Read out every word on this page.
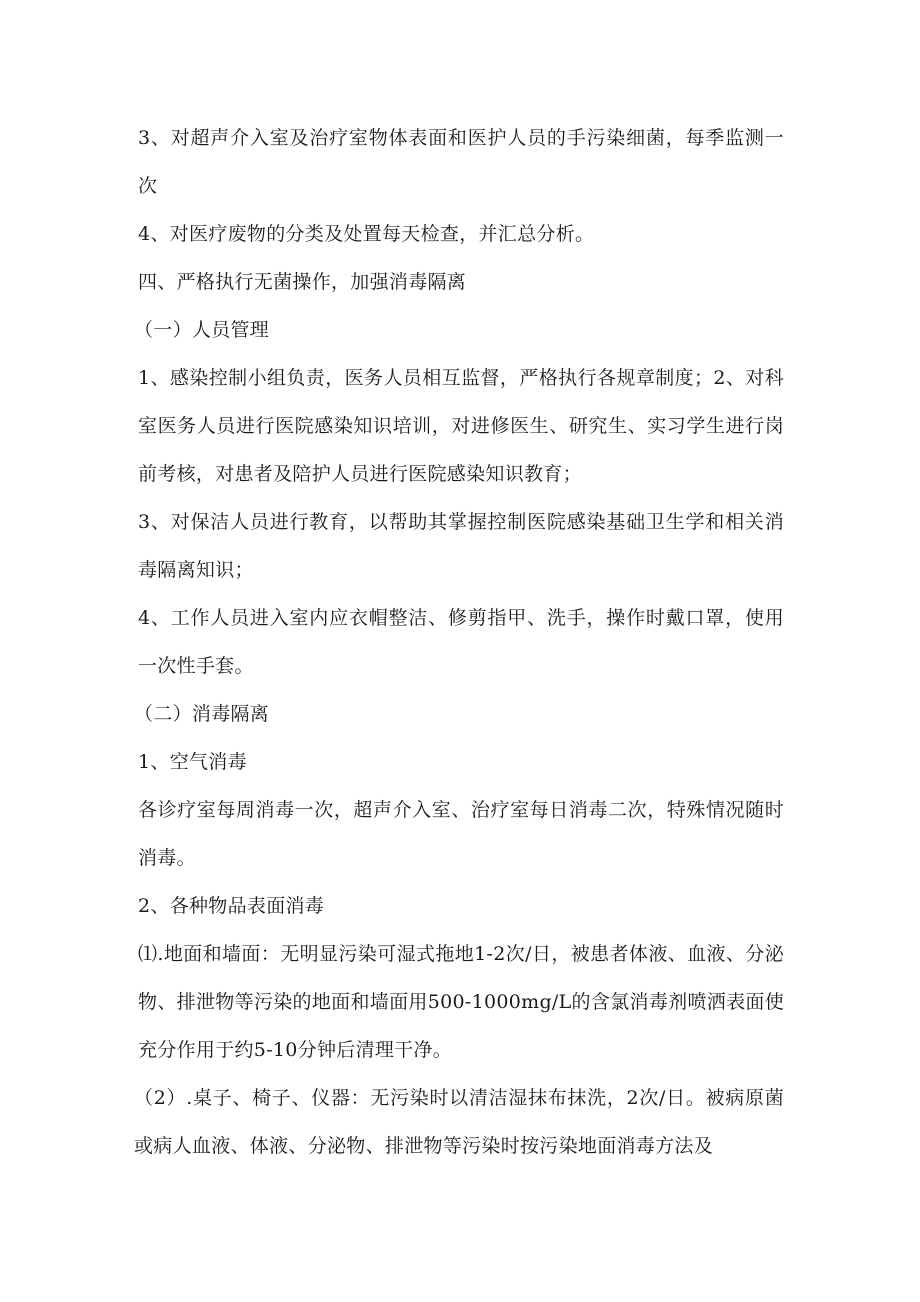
3、对超声介入室及治疗室物体表面和医护人员的手污染细菌，每季监测一次

4、对医疗废物的分类及处置每天检查，并汇总分析。

四、严格执行无菌操作，加强消毒隔离

（一）人员管理

1、感染控制小组负责，医务人员相互监督，严格执行各规章制度；2、对科室医务人员进行医院感染知识培训，对进修医生、研究生、实习学生进行岗前考核，对患者及陪护人员进行医院感染知识教育；

3、对保洁人员进行教育，以帮助其掌握控制医院感染基础卫生学和相关消毒隔离知识；

4、工作人员进入室内应衣帽整洁、修剪指甲、洗手，操作时戴口罩，使用一次性手套。

（二）消毒隔离

1、空气消毒

各诊疗室每周消毒一次，超声介入室、治疗室每日消毒二次，特殊情况随时消毒。

2、各种物品表面消毒

⑴.地面和墙面：无明显污染可湿式拖地1-2次/日，被患者体液、血液、分泌物、排泄物等污染的地面和墙面用500-1000mg/L的含氯消毒剂喷洒表面使充分作用于约5-10分钟后清理干净。

（2）.桌子、椅子、仪器：无污染时以清洁湿抹布抹洗，2次/日。被病原菌或病人血液、体液、分泌物、排泄物等污染时按污染地面消毒方法及
